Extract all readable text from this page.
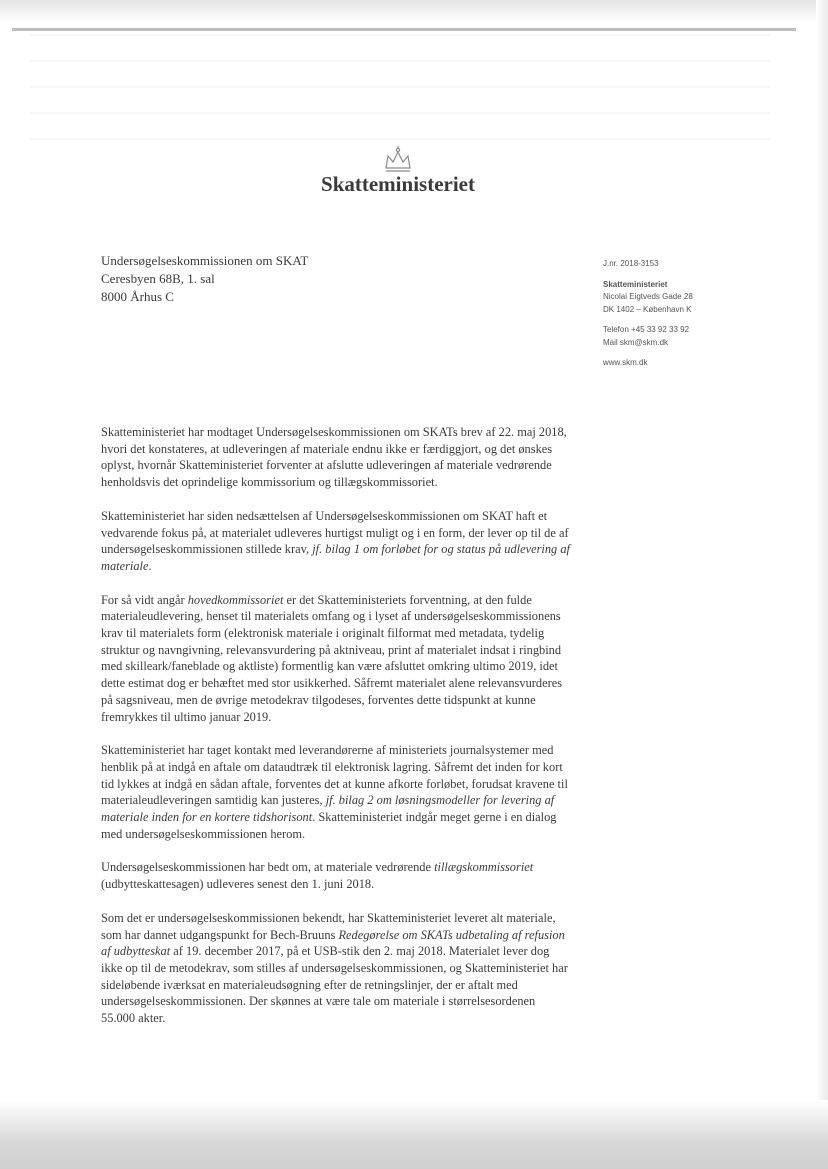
Skatteministeriet
Undersøgelseskommissionen om SKAT
Ceresbyen 68B, 1. sal
8000 Århus C
J.nr. 2018-3153
Skatteministeriet
Nicolai Eigtveds Gade 28
DK 1402 – København K
Telefon +45 33 92 33 92
Mail skm@skm.dk
www.skm.dk

Skatteministeriet har modtaget Undersøgelseskommissionen om SKATs brev af 22. maj 2018, hvori det konstateres, at udleveringen af materiale endnu ikke er færdiggjort, og det ønskes oplyst, hvornår Skatteministeriet forventer at afslutte udleveringen af materiale vedrørende henholdsvis det oprindelige kommissorium og tillægskommissoriet.

Skatteministeriet har siden nedsættelsen af Undersøgelseskommissionen om SKAT haft et vedvarende fokus på, at materialet udleveres hurtigst muligt og i en form, der lever op til de af undersøgelseskommissionen stillede krav, jf. bilag 1 om forløbet for og status på udlevering af materiale.

For så vidt angår hovedkommissoriet er det Skatteministeriets forventning, at den fulde materialeudlevering, henset til materialets omfang og i lyset af undersøgelseskommissionens krav til materialets form (elektronisk materiale i originalt filformat med metadata, tydelig struktur og navngivning, relevansvurdering på aktniveau, print af materialet indsat i ringbind med skilleark/faneblade og aktliste) formentlig kan være afsluttet omkring ultimo 2019, idet dette estimat dog er behæftet med stor usikkerhed. Såfremt materialet alene relevansvurderes på sagsniveau, men de øvrige metodekrav tilgodeses, forventes dette tidspunkt at kunne fremrykkes til ultimo januar 2019.

Skatteministeriet har taget kontakt med leverandørerne af ministeriets journalsystemer med henblik på at indgå en aftale om dataudtræk til elektronisk lagring. Såfremt det inden for kort tid lykkes at indgå en sådan aftale, forventes det at kunne afkorte forløbet, forudsat kravene til materialeudleveringen samtidig kan justeres, jf. bilag 2 om løsningsmodeller for levering af materiale inden for en kortere tidshorisont. Skatteministeriet indgår meget gerne i en dialog med undersøgelseskommissionen herom.

Undersøgelseskommissionen har bedt om, at materiale vedrørende tillægskommissoriet (udbytteskattesagen) udleveres senest den 1. juni 2018.

Som det er undersøgelseskommissionen bekendt, har Skatteministeriet leveret alt materiale, som har dannet udgangspunkt for Bech-Bruuns Redegørelse om SKATs udbetaling af refusion af udbytteskat af 19. december 2017, på et USB-stik den 2. maj 2018. Materialet lever dog ikke op til de metodekrav, som stilles af undersøgelseskommissionen, og Skatteministeriet har sideløbende iværksat en materialeudsøgning efter de retningslinjer, der er aftalt med undersøgelseskommissionen. Der skønnes at være tale om materiale i størrelsesordenen 55.000 akter.
